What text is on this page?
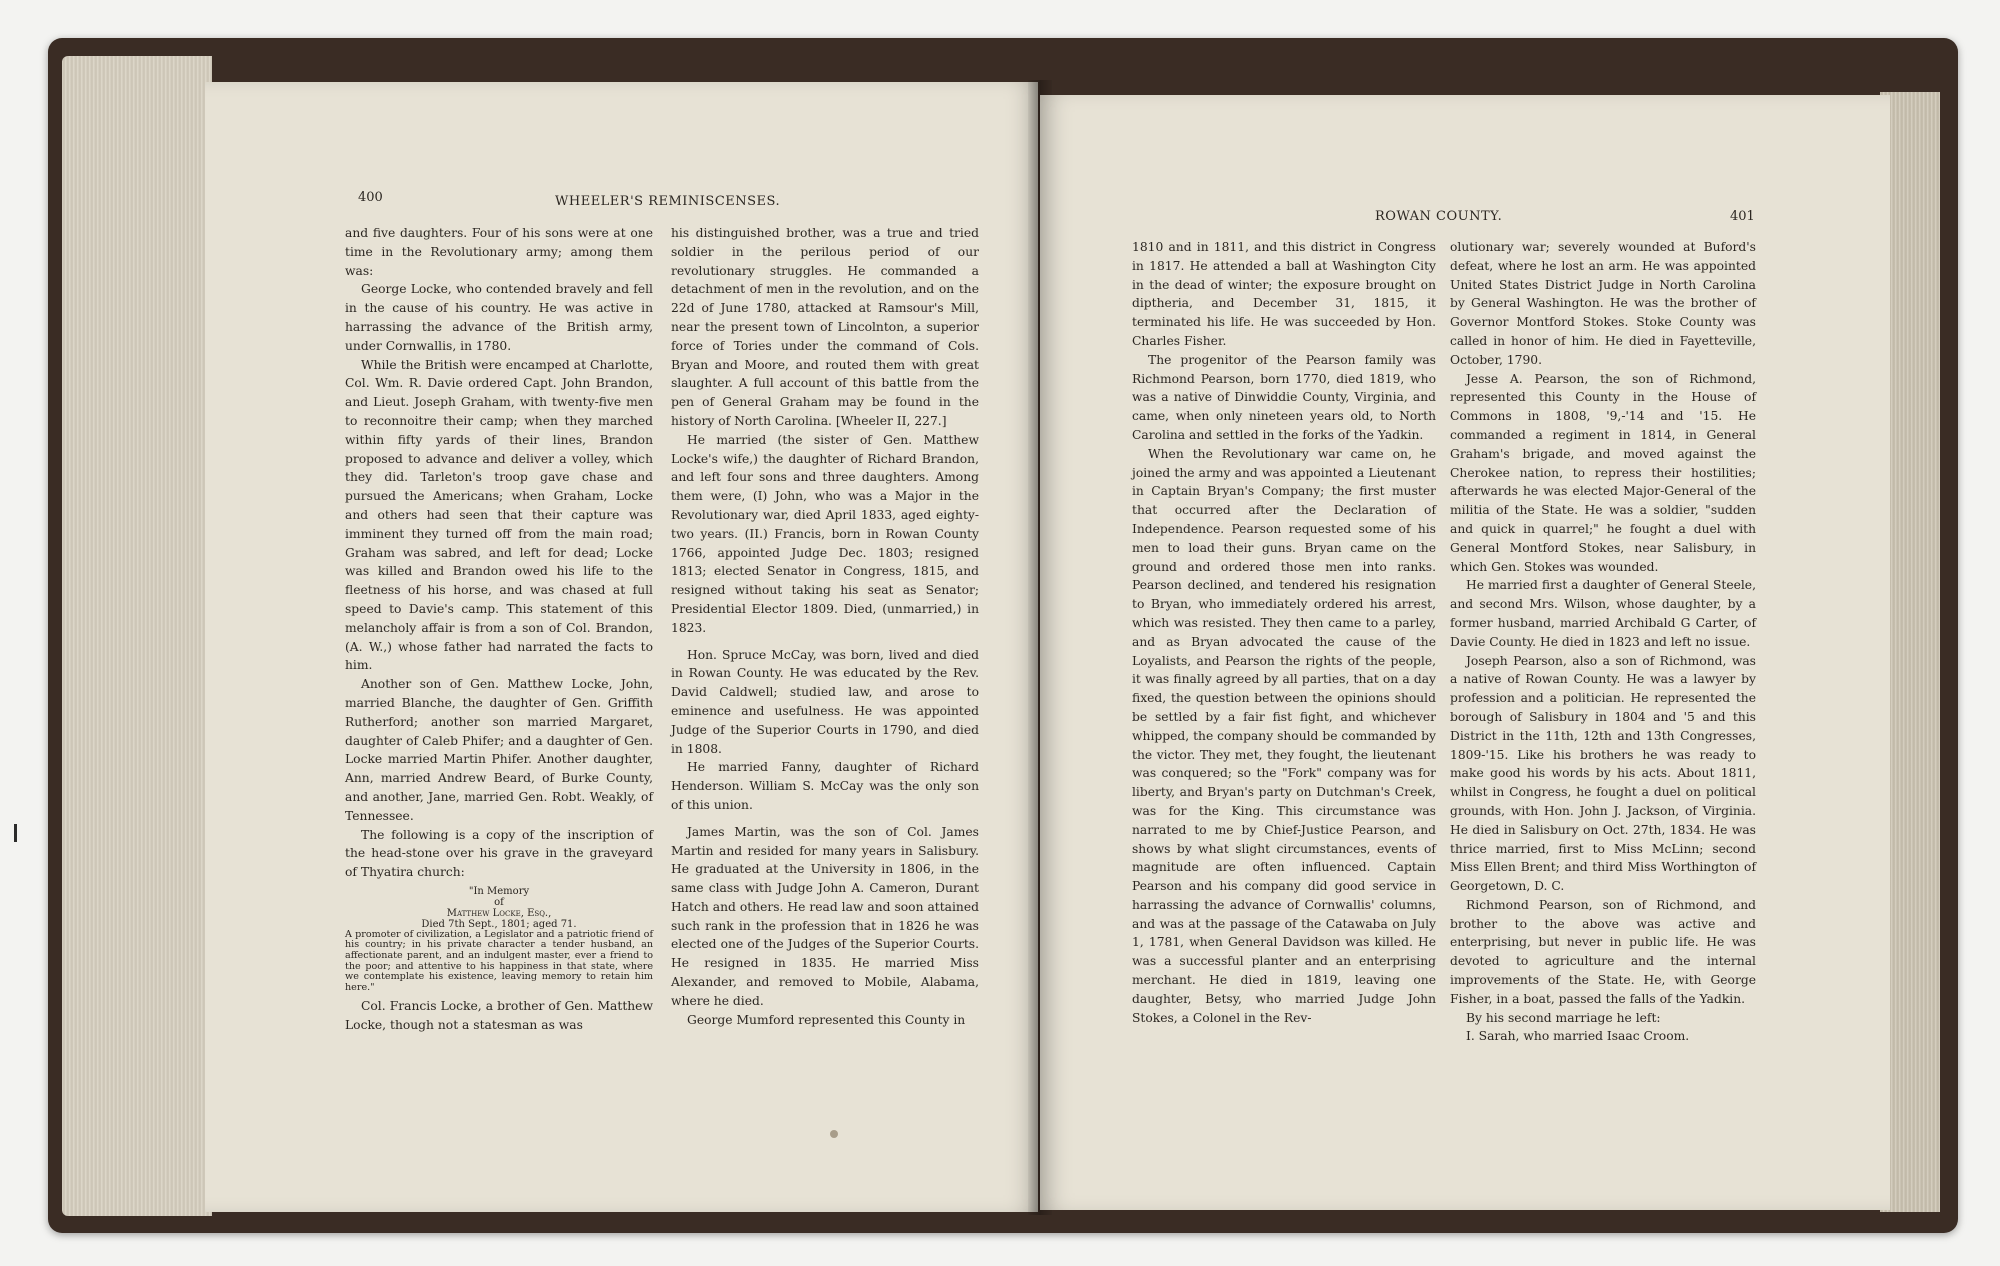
400	WHEELER'S REMINISCENSES.

and five daughters. Four of his sons were at one time in the Revolutionary army; among them was:

George Locke, who contended bravely and fell in the cause of his country. He was active in harrassing the advance of the British army, under Cornwallis, in 1780.

While the British were encamped at Charlotte, Col. Wm. R. Davie ordered Capt. John Brandon, and Lieut. Joseph Graham, with twenty-five men to reconnoitre their camp; when they marched within fifty yards of their lines, Brandon proposed to advance and deliver a volley, which they did. Tarleton's troop gave chase and pursued the Americans; when Graham, Locke and others had seen that their capture was imminent they turned off from the main road; Graham was sabred, and left for dead; Locke was killed and Brandon owed his life to the fleetness of his horse, and was chased at full speed to Davie's camp. This statement of this melancholy affair is from a son of Col. Brandon, (A. W.,) whose father had narrated the facts to him.

Another son of Gen. Matthew Locke, John, married Blanche, the daughter of Gen. Griffith Rutherford; another son married Margaret, daughter of Caleb Phifer; and a daughter of Gen. Locke married Martin Phifer. Another daughter, Ann, married Andrew Beard, of Burke County, and another, Jane, married Gen. Robt. Weakly, of Tennessee.

The following is a copy of the inscription of the head-stone over his grave in the graveyard of Thyatira church:

"In Memory
of
Matthew Locke, Esq.,
Died 7th Sept., 1801; aged 71.
A promoter of civilization, a Legislator and a patriotic friend of his country; in his private character a tender husband, an affectionate parent, and an indulgent master, ever a friend to the poor; and attentive to his happiness in that state, where we contemplate his existence, leaving memory to retain him here."

Col. Francis Locke, a brother of Gen. Matthew Locke, though not a statesman as was

his distinguished brother, was a true and tried soldier in the perilous period of our revolutionary struggles. He commanded a detachment of men in the revolution, and on the 22d of June 1780, attacked at Ramsour's Mill, near the present town of Lincolnton, a superior force of Tories under the command of Cols. Bryan and Moore, and routed them with great slaughter. A full account of this battle from the pen of General Graham may be found in the history of North Carolina. [Wheeler II, 227.]

He married (the sister of Gen. Matthew Locke's wife,) the daughter of Richard Brandon, and left four sons and three daughters. Among them were, (I) John, who was a Major in the Revolutionary war, died April 1833, aged eighty-two years. (II.) Francis, born in Rowan County 1766, appointed Judge Dec. 1803; resigned 1813; elected Senator in Congress, 1815, and resigned without taking his seat as Senator; Presidential Elector 1809. Died, (unmarried,) in 1823.

Hon. Spruce McCay, was born, lived and died in Rowan County. He was educated by the Rev. David Caldwell; studied law, and arose to eminence and usefulness. He was appointed Judge of the Superior Courts in 1790, and died in 1808.

He married Fanny, daughter of Richard Henderson. William S. McCay was the only son of this union.

James Martin, was the son of Col. James Martin and resided for many years in Salisbury. He graduated at the University in 1806, in the same class with Judge John A. Cameron, Durant Hatch and others. He read law and soon attained such rank in the profession that in 1826 he was elected one of the Judges of the Superior Courts. He resigned in 1835. He married Miss Alexander, and removed to Mobile, Alabama, where he died.

George Mumford represented this County in

ROWAN COUNTY.	401

1810 and in 1811, and this district in Congress in 1817. He attended a ball at Washington City in the dead of winter; the exposure brought on diptheria, and December 31, 1815, it terminated his life. He was succeeded by Hon. Charles Fisher.

The progenitor of the Pearson family was Richmond Pearson, born 1770, died 1819, who was a native of Dinwiddie County, Virginia, and came, when only nineteen years old, to North Carolina and settled in the forks of the Yadkin.

When the Revolutionary war came on, he joined the army and was appointed a Lieutenant in Captain Bryan's Company; the first muster that occurred after the Declaration of Independence. Pearson requested some of his men to load their guns. Bryan came on the ground and ordered those men into ranks. Pearson declined, and tendered his resignation to Bryan, who immediately ordered his arrest, which was resisted. They then came to a parley, and as Bryan advocated the cause of the Loyalists, and Pearson the rights of the people, it was finally agreed by all parties, that on a day fixed, the question between the opinions should be settled by a fair fist fight, and whichever whipped, the company should be commanded by the victor. They met, they fought, the lieutenant was conquered; so the "Fork" company was for liberty, and Bryan's party on Dutchman's Creek, was for the King. This circumstance was narrated to me by Chief-Justice Pearson, and shows by what slight circumstances, events of magnitude are often influenced. Captain Pearson and his company did good service in harrassing the advance of Cornwallis' columns, and was at the passage of the Catawaba on July 1, 1781, when General Davidson was killed. He was a successful planter and an enterprising merchant. He died in 1819, leaving one daughter, Betsy, who married Judge John Stokes, a Colonel in the Rev-

olutionary war; severely wounded at Buford's defeat, where he lost an arm. He was appointed United States District Judge in North Carolina by General Washington. He was the brother of Governor Montford Stokes. Stoke County was called in honor of him. He died in Fayetteville, October, 1790.

Jesse A. Pearson, the son of Richmond, represented this County in the House of Commons in 1808, '9,-'14 and '15. He commanded a regiment in 1814, in General Graham's brigade, and moved against the Cherokee nation, to repress their hostilities; afterwards he was elected Major-General of the militia of the State. He was a soldier, "sudden and quick in quarrel;" he fought a duel with General Montford Stokes, near Salisbury, in which Gen. Stokes was wounded.

He married first a daughter of General Steele, and second Mrs. Wilson, whose daughter, by a former husband, married Archibald G Carter, of Davie County. He died in 1823 and left no issue.

Joseph Pearson, also a son of Richmond, was a native of Rowan County. He was a lawyer by profession and a politician. He represented the borough of Salisbury in 1804 and '5 and this District in the 11th, 12th and 13th Congresses, 1809-'15. Like his brothers he was ready to make good his words by his acts. About 1811, whilst in Congress, he fought a duel on political grounds, with Hon. John J. Jackson, of Virginia. He died in Salisbury on Oct. 27th, 1834. He was thrice married, first to Miss McLinn; second Miss Ellen Brent; and third Miss Worthington of Georgetown, D. C.

Richmond Pearson, son of Richmond, and brother to the above was active and enterprising, but never in public life. He was devoted to agriculture and the internal improvements of the State. He, with George Fisher, in a boat, passed the falls of the Yadkin.

By his second marriage he left:

I. Sarah, who married Isaac Croom.
